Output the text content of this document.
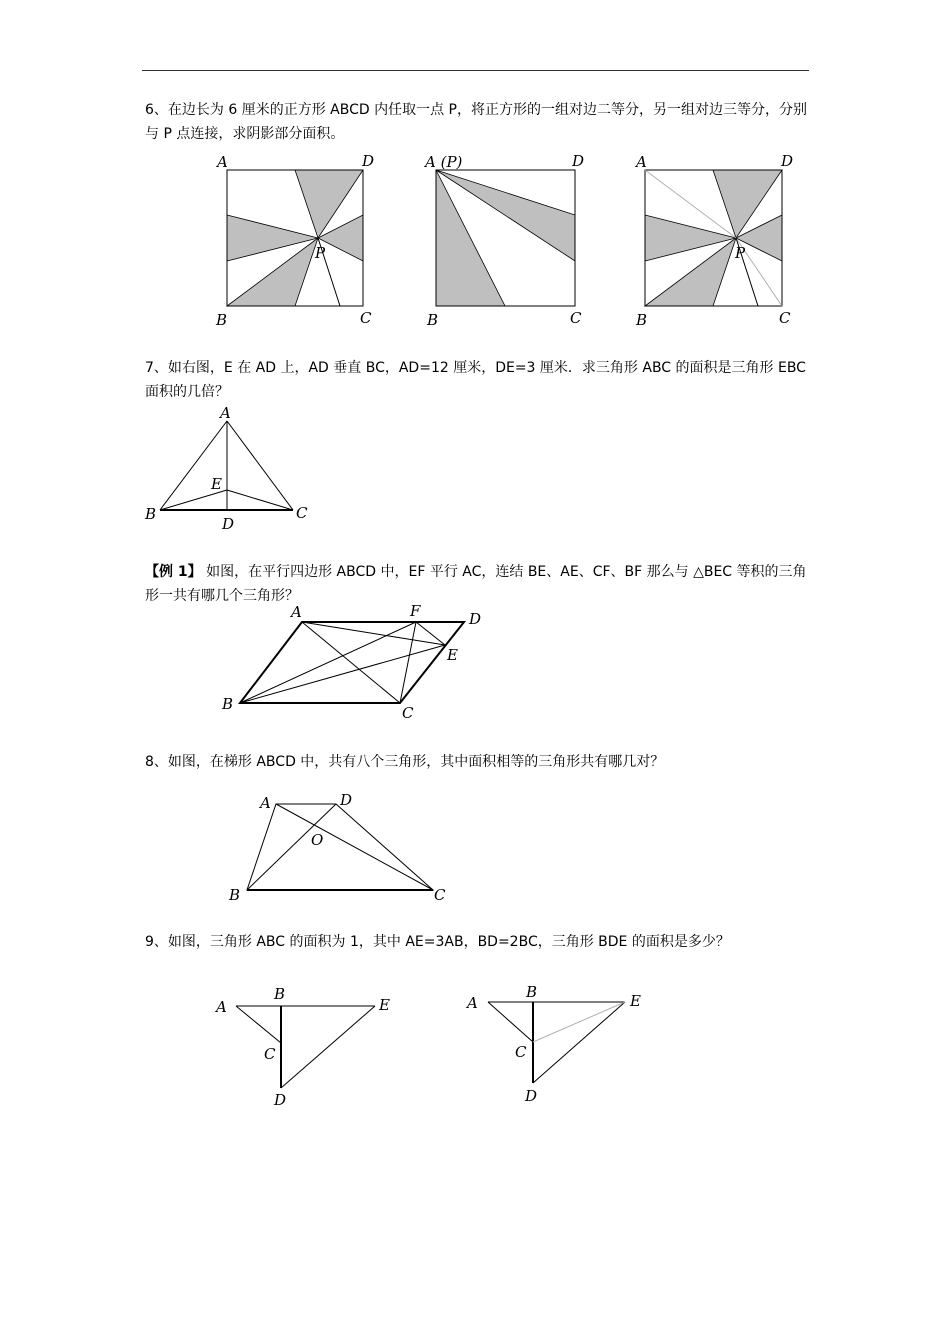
6、在边长为 6 厘米的正方形 ABCD 内任取一点 P，将正方形的一组对边二等分，另一组对边三等分，分别与 P 点连接，求阴影部分面积。

7、如右图，E 在 AD 上，AD 垂直 BC，AD=12 厘米，DE=3 厘米．求三角形 ABC 的面积是三角形 EBC 面积的几倍？

【例 1】 如图，在平行四边形 ABCD 中，EF 平行 AC，连结 BE、AE、CF、BF 那么与 △BEC 等积的三角形一共有哪几个三角形？

8、如图，在梯形 ABCD 中，共有八个三角形，其中面积相等的三角形共有哪几对？

9、如图，三角形 ABC 的面积为 1，其中 AE=3AB，BD=2BC，三角形 BDE 的面积是多少？

A	D
B	C
P
A (P)	D
B	C
A	D
B	C
P
A
B	C
D
E
A	F	D
E
B	C
A	D
O
B	C
A
B
E
C
D
A
B	E
C
D
